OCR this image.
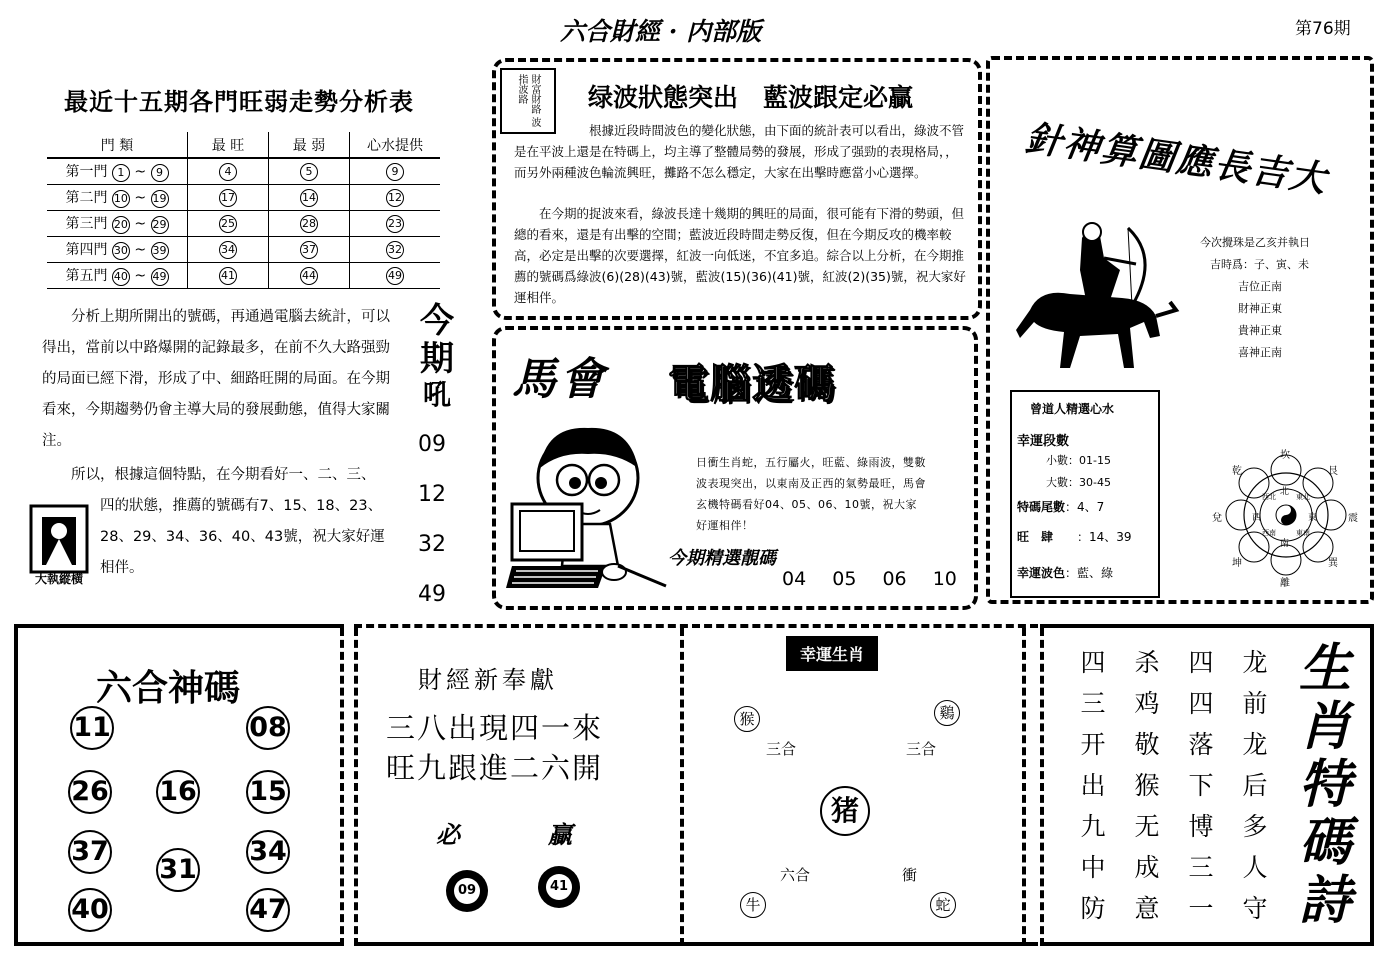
六合財經 · 内部版	第76期
最近十五期各門旺弱走勢分析表
門 類	最 旺	最 弱	心水提供
第一門 1 ~ 9	4	5	9
第二門 10 ~ 19	17	14	12
第三門 20 ~ 29	25	28	23
第四門 30 ~ 39	34	37	32
第五門 40 ~ 49	41	44	49
分析上期所開出的號碼，再通過電腦去統計，可以得出，當前以中路爆開的記錄最多，在前不久大路强勁的局面已經下滑，形成了中、細路旺開的局面。在今期看來，今期趨勢仍會主導大局的發展動態，值得大家關注。
所以，根據這個特點，在今期看好一、二、三、
四的狀態，推薦的號碼有7、15、18、23、28、29、34、36、40、43號，祝大家好運相伴。
大執縱横
今
期
吼
09
12
32
49
財富財路 波指波路	绿波狀態突出　藍波跟定必贏
根據近段時間波色的變化狀態，由下面的統計表可以看出，綠波不管是在平波上還是在特碼上，均主導了整體局勢的發展，形成了强勁的表現格局，，而另外兩種波色輪流興旺，攤路不怎么穩定，大家在出擊時應當小心選擇。
在今期的捉波來看，綠波長達十幾期的興旺的局面，很可能有下滑的勢頭，但總的看來，還是有出擊的空間；藍波近段時間走勢反復，但在今期反攻的機率較高，必定是出擊的次要選擇，紅波一向低迷，不宜多追。綜合以上分析，在今期推薦的號碼爲綠波(6)(28)(43)號，藍波(15)(36)(41)號，紅波(2)(35)號，祝大家好運相伴。
馬會 電腦透碼
日衝生肖蛇，五行屬火，旺藍、綠雨波，雙數波表現突出，以東南及正西的氣勢最旺，馬會玄機特碼看好04、05、06、10號，祝大家好運相伴！
今期精選靚碼
04 05 06 10
大吉長應圖算神針
今次攪珠是乙亥并執日
吉時爲：子、寅、未
吉位正南
財神正東
貴神正東
喜神正南
曾道人精選心水
幸運段數
小數：01-15
大數：30-45
特碼尾數：4、7
旺　肆 ：14、39
幸運波色：藍、綠
坎
艮
震
巽
離
坤
兌
乾
北
東
南
西
東北
東南
西南
西北
六合神碼
11	08
26 16 15
37
31
34
40	47
財經新奉獻
三八出現四一來
旺九跟進二六開
必	贏
09	41
幸運生肖
猴	鷄
三合	三合
猪
六合	衝
牛	蛇
四
三
开
出
九
中
防
杀
鸡
敬
猴
无
成
意
四
四
落
下
博
三
一
龙
前
龙
后
多
人
守
生
肖
特
碼
詩
